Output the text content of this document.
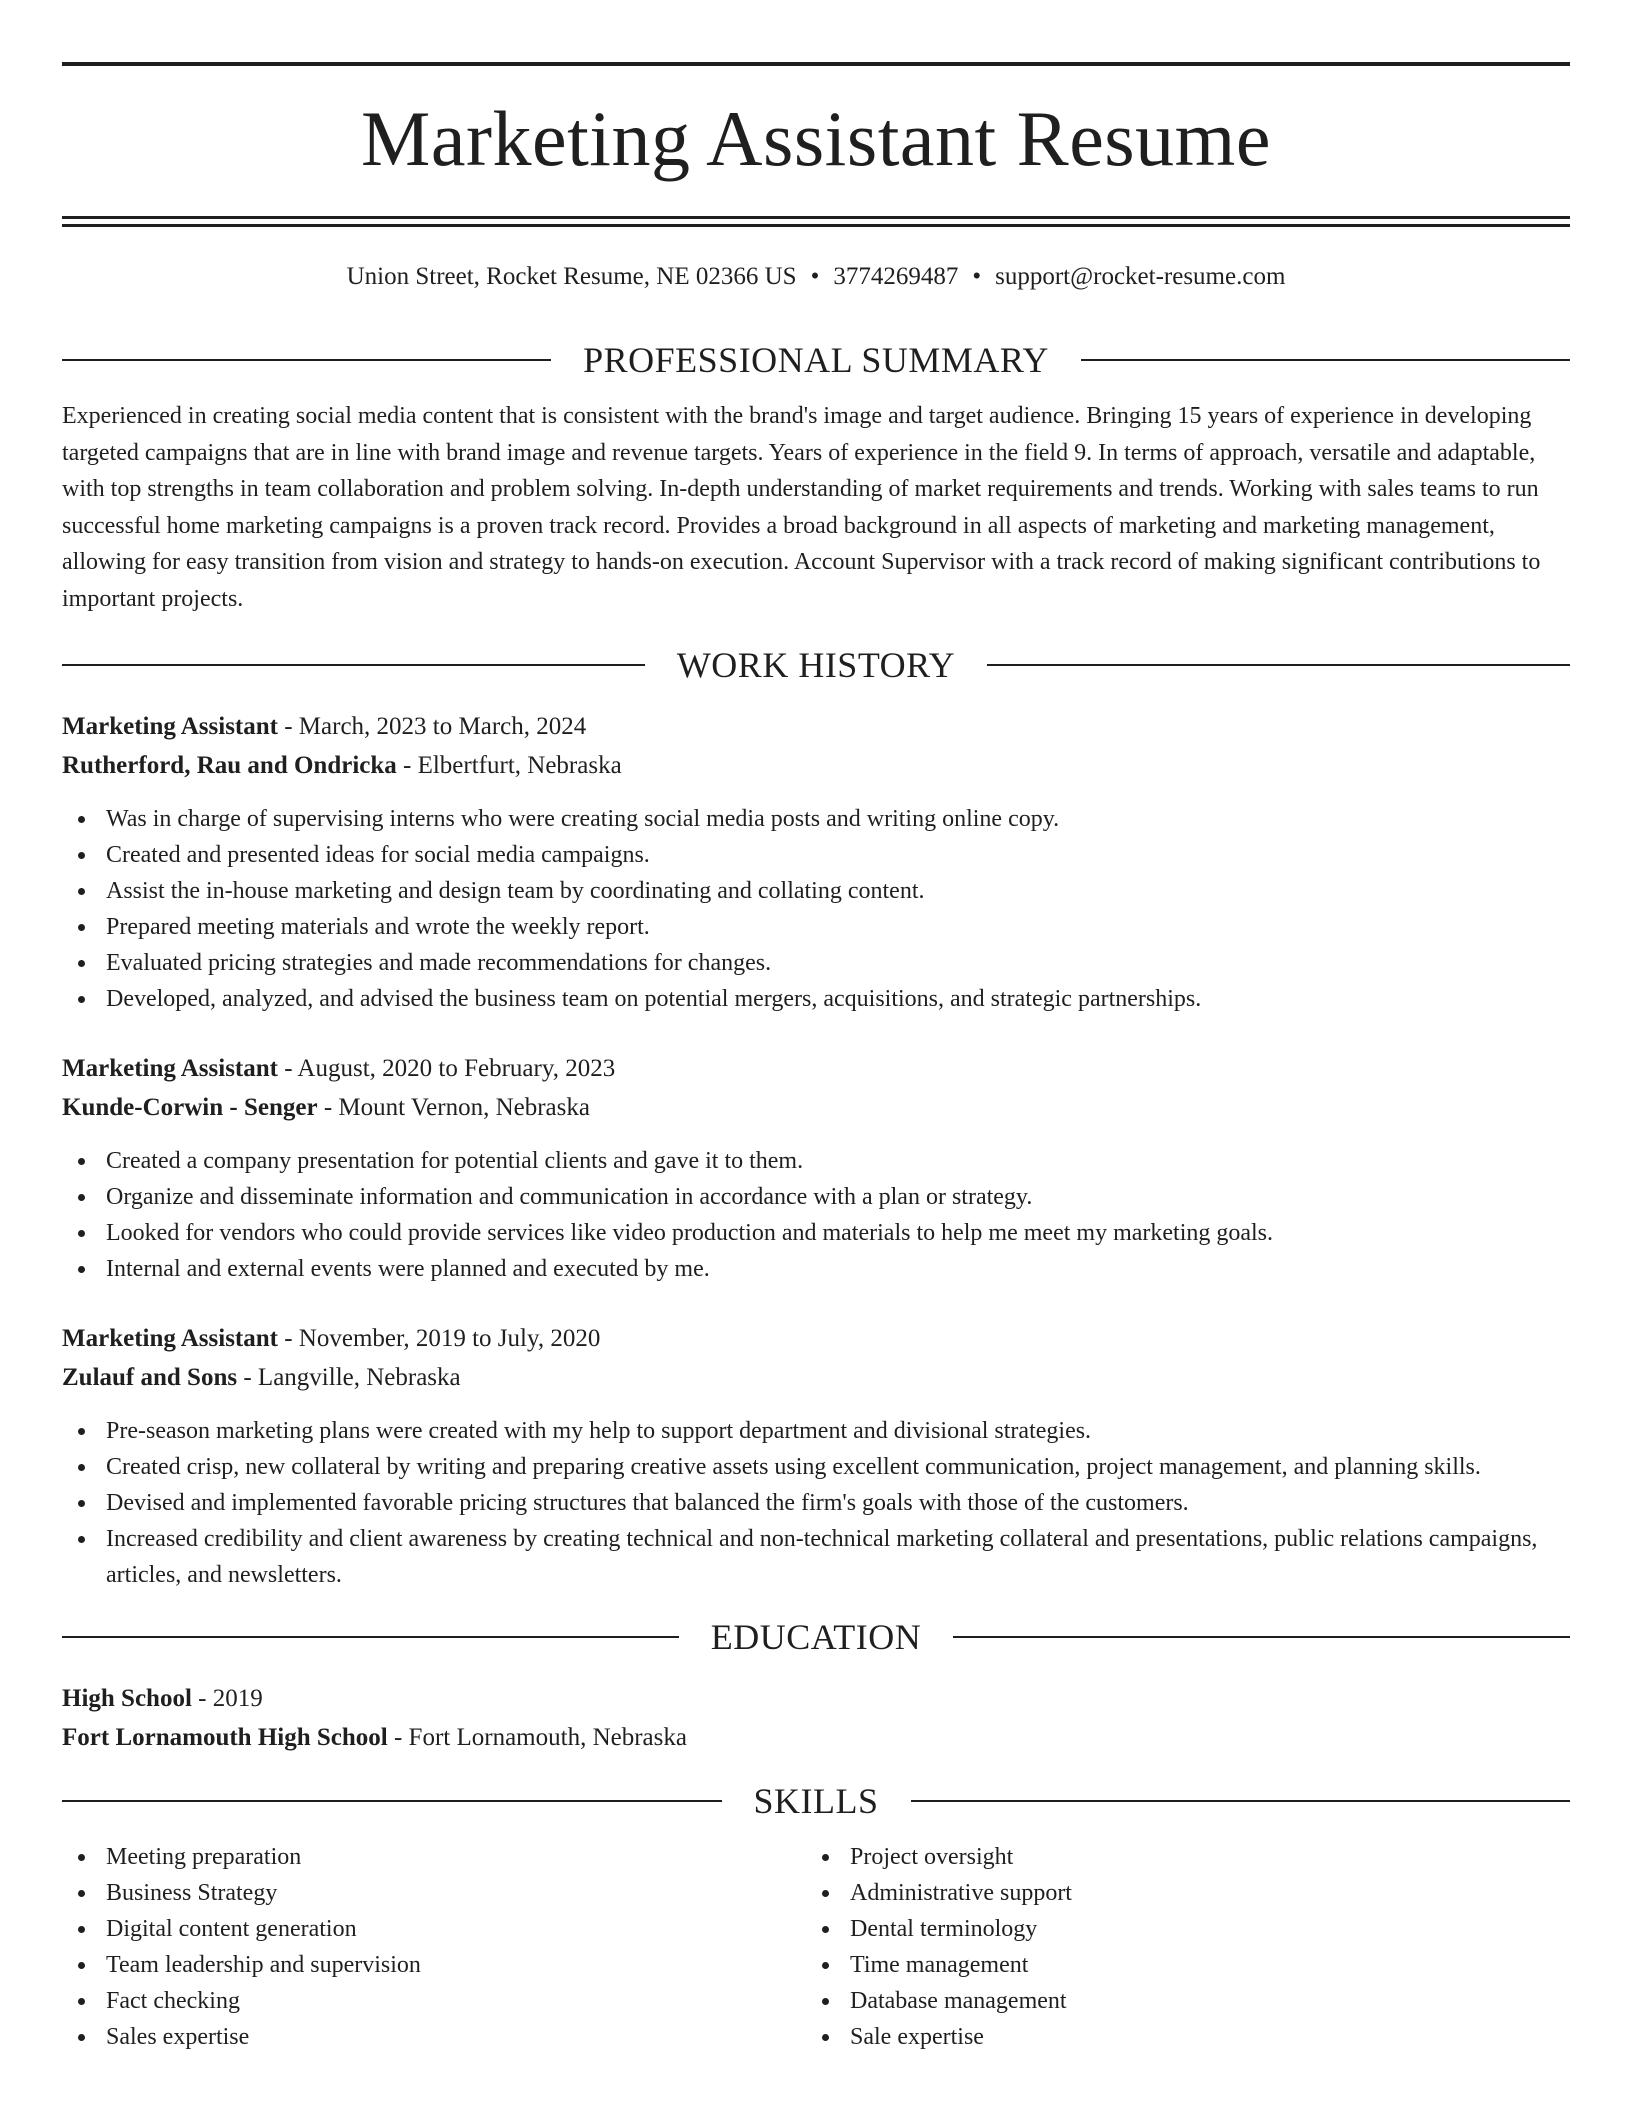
Marketing Assistant Resume
Union Street, Rocket Resume, NE 02366 US • 3774269487 • support@rocket-resume.com
PROFESSIONAL SUMMARY

Experienced in creating social media content that is consistent with the brand's image and target audience. Bringing 15 years of experience in developing targeted campaigns that are in line with brand image and revenue targets. Years of experience in the field 9. In terms of approach, versatile and adaptable, with top strengths in team collaboration and problem solving. In-depth understanding of market requirements and trends. Working with sales teams to run successful home marketing campaigns is a proven track record. Provides a broad background in all aspects of marketing and marketing management, allowing for easy transition from vision and strategy to hands-on execution. Account Supervisor with a track record of making significant contributions to important projects.

WORK HISTORY
Marketing Assistant - March, 2023 to March, 2024
Rutherford, Rau and Ondricka - Elbertfurt, Nebraska
Was in charge of supervising interns who were creating social media posts and writing online copy.
Created and presented ideas for social media campaigns.
Assist the in-house marketing and design team by coordinating and collating content.
Prepared meeting materials and wrote the weekly report.
Evaluated pricing strategies and made recommendations for changes.
Developed, analyzed, and advised the business team on potential mergers, acquisitions, and strategic partnerships.
Marketing Assistant - August, 2020 to February, 2023
Kunde-Corwin - Senger - Mount Vernon, Nebraska
Created a company presentation for potential clients and gave it to them.
Organize and disseminate information and communication in accordance with a plan or strategy.
Looked for vendors who could provide services like video production and materials to help me meet my marketing goals.
Internal and external events were planned and executed by me.
Marketing Assistant - November, 2019 to July, 2020
Zulauf and Sons - Langville, Nebraska
Pre-season marketing plans were created with my help to support department and divisional strategies.
Created crisp, new collateral by writing and preparing creative assets using excellent communication, project management, and planning skills.
Devised and implemented favorable pricing structures that balanced the firm's goals with those of the customers.
Increased credibility and client awareness by creating technical and non-technical marketing collateral and presentations, public relations campaigns, articles, and newsletters.
EDUCATION
High School - 2019
Fort Lornamouth High School - Fort Lornamouth, Nebraska
SKILLS
Meeting preparation
Business Strategy
Digital content generation
Team leadership and supervision
Fact checking
Sales expertise
Project oversight
Administrative support
Dental terminology
Time management
Database management
Sale expertise
